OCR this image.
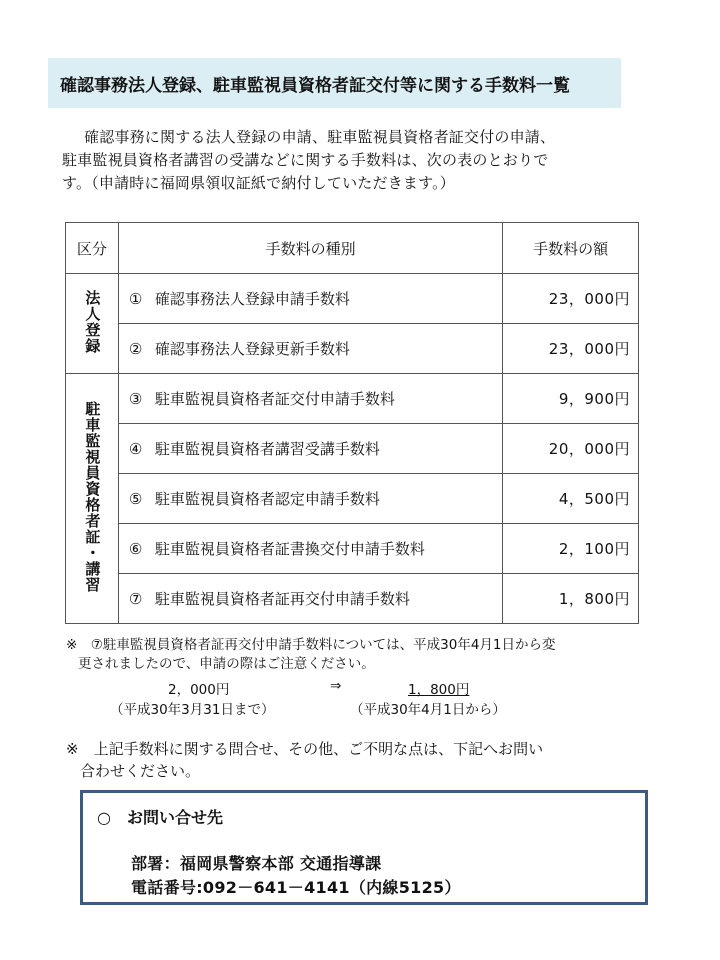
確認事務法人登録、駐車監視員資格者証交付等に関する手数料一覧
確認事務に関する法人登録の申請、駐車監視員資格者証交付の申請、
駐車監視員資格者講習の受講などに関する手数料は、次の表のとおりで
す。（申請時に福岡県領収証紙で納付していただきます。）
区分	手数料の種別	手数料の額
法人登録	① 確認事務法人登録申請手数料	23，000円
	② 確認事務法人登録更新手数料	23，000円
駐車監視員資格者証・講習	③ 駐車監視員資格者証交付申請手数料	9，900円
	④ 駐車監視員資格者講習受講手数料	20，000円
	⑤ 駐車監視員資格者認定申請手数料	4，500円
	⑥ 駐車監視員資格者証書換交付申請手数料	2，100円
	⑦ 駐車監視員資格者証再交付申請手数料	1，800円
※　⑦駐車監視員資格者証再交付申請手数料については、平成30年4月1日から変
更されましたので、申請の際はご注意ください。
2，000円	⇒	1，800円
（平成30年3月31日まで）	（平成30年4月1日から）
※　上記手数料に関する問合せ、その他、ご不明な点は、下記へお問い
合わせください。
○　お問い合せ先
部署：福岡県警察本部 交通指導課
電話番号:092－641－4141（内線5125）
